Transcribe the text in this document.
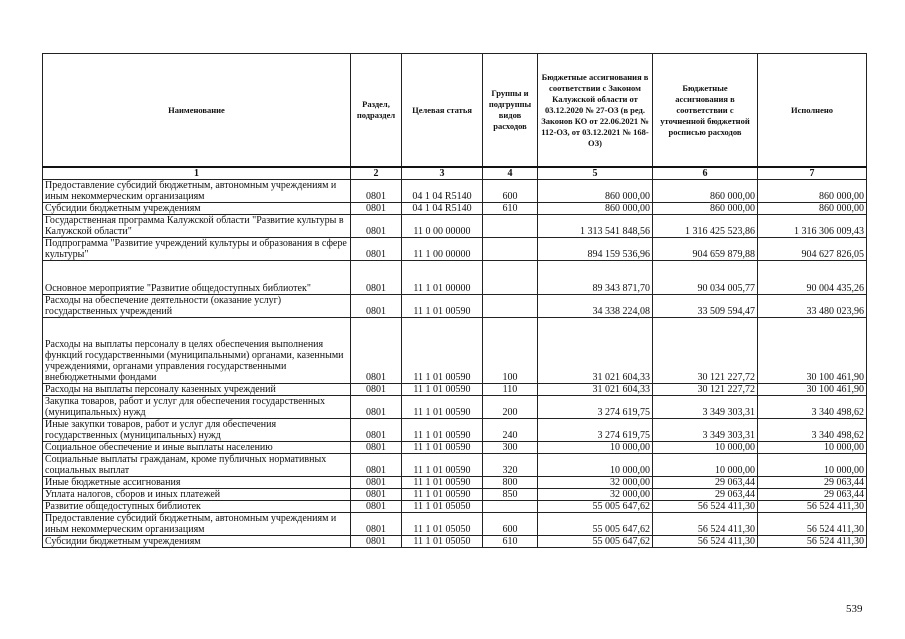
Наименование	Раздел, подраздел	Целевая статья	Группы и подгруппы видов расходов	Бюджетные ассигнования в соответствии с Законом Калужской области от 03.12.2020 № 27-ОЗ (в ред. Законов КО от 22.06.2021 № 112-ОЗ, от 03.12.2021 № 168-ОЗ)	Бюджетные ассигнования в соответствии с уточненной бюджетной росписью расходов	Исполнено
1	2	3	4	5	6	7
Предоставление субсидий бюджетным, автономным учреждениям и иным некоммерческим организациям	0801	04 1 04 R5140	600	860 000,00	860 000,00	860 000,00
Субсидии бюджетным учреждениям	0801	04 1 04 R5140	610	860 000,00	860 000,00	860 000,00
Государственная программа Калужской области "Развитие культуры в Калужской области"	0801	11 0 00 00000		1 313 541 848,56	1 316 425 523,86	1 316 306 009,43
Подпрограмма "Развитие учреждений культуры и образования в сфере культуры"	0801	11 1 00 00000		894 159 536,96	904 659 879,88	904 627 826,05
Основное мероприятие "Развитие общедоступных библиотек"	0801	11 1 01 00000		89 343 871,70	90 034 005,77	90 004 435,26
Расходы на обеспечение деятельности (оказание услуг) государственных учреждений	0801	11 1 01 00590		34 338 224,08	33 509 594,47	33 480 023,96
Расходы на выплаты персоналу в целях обеспечения выполнения функций государственными (муниципальными) органами, казенными учреждениями, органами управления государственными внебюджетными фондами	0801	11 1 01 00590	100	31 021 604,33	30 121 227,72	30 100 461,90
Расходы на выплаты персоналу казенных учреждений	0801	11 1 01 00590	110	31 021 604,33	30 121 227,72	30 100 461,90
Закупка товаров, работ и услуг для обеспечения государственных (муниципальных) нужд	0801	11 1 01 00590	200	3 274 619,75	3 349 303,31	3 340 498,62
Иные закупки товаров, работ и услуг для обеспечения государственных (муниципальных) нужд	0801	11 1 01 00590	240	3 274 619,75	3 349 303,31	3 340 498,62
Социальное обеспечение и иные выплаты населению	0801	11 1 01 00590	300	10 000,00	10 000,00	10 000,00
Социальные выплаты гражданам, кроме публичных нормативных социальных выплат	0801	11 1 01 00590	320	10 000,00	10 000,00	10 000,00
Иные бюджетные ассигнования	0801	11 1 01 00590	800	32 000,00	29 063,44	29 063,44
Уплата налогов, сборов и иных платежей	0801	11 1 01 00590	850	32 000,00	29 063,44	29 063,44
Развитие общедоступных библиотек	0801	11 1 01 05050		55 005 647,62	56 524 411,30	56 524 411,30
Предоставление субсидий бюджетным, автономным учреждениям и иным некоммерческим организациям	0801	11 1 01 05050	600	55 005 647,62	56 524 411,30	56 524 411,30
Субсидии бюджетным учреждениям	0801	11 1 01 05050	610	55 005 647,62	56 524 411,30	56 524 411,30
539
